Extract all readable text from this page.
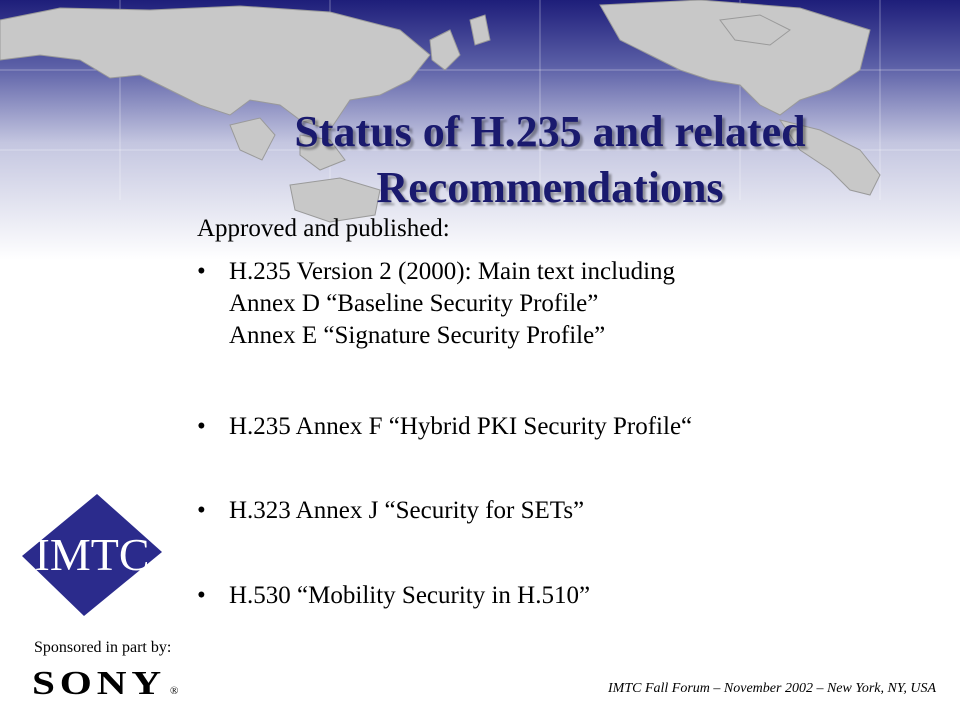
Status of H.235 and related Recommendations

Approved and published:

• H.235 Version 2 (2000): Main text including
Annex D “Baseline Security Profile”
Annex E “Signature Security Profile”
• H.235 Annex F “Hybrid PKI Security Profile“
• H.323 Annex J “Security for SETs”
• H.530 “Mobility Security in H.510”
IMTC

Sponsored in part by:

SONY ®	IMTC Fall Forum – November 2002 – New York, NY, USA
